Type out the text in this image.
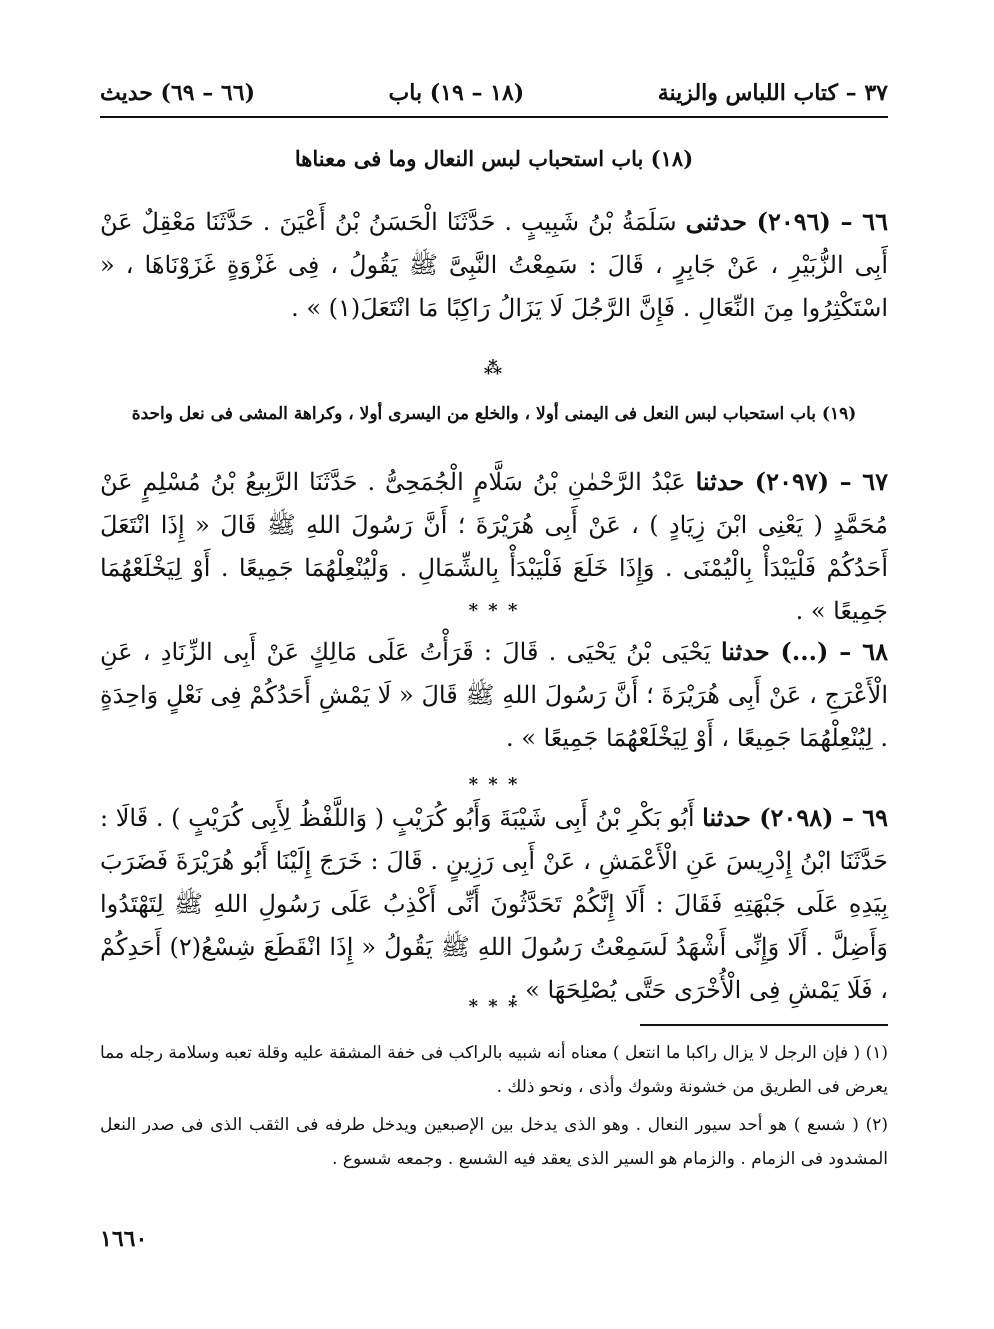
٣٧ – كتاب اللباس والزينة
(١٨ – ١٩) باب
(٦٦ – ٦٩) حديث
(١٨) باب استحباب لبس النعال وما فى معناها
٦٦ – (٢٠٩٦) حدثنى سَلَمَةُ بْنُ شَبِيبٍ . حَدَّثَنَا الْحَسَنُ بْنُ أَعْيَنَ . حَدَّثَنَا مَعْقِلٌ عَنْ أَبِى الزُّبَيْرِ ، عَنْ جَابِرٍ ، قَالَ : سَمِعْتُ النَّبِىَّ ﷺ يَقُولُ ، فِى غَزْوَةٍ غَزَوْنَاهَا ، « اسْتَكْثِرُوا مِنَ النِّعَالِ . فَإِنَّ الرَّجُلَ لَا يَزَالُ رَاكِبًا مَا انْتَعَلَ(١) » .
⁂
(١٩) باب استحباب لبس النعل فى اليمنى أولا ، والخلع من اليسرى أولا ، وكراهة المشى فى نعل واحدة
٦٧ – (٢٠٩٧) حدثنا عَبْدُ الرَّحْمٰنِ بْنُ سَلَّامٍ الْجُمَحِىُّ . حَدَّثَنَا الرَّبِيعُ بْنُ مُسْلِمٍ عَنْ مُحَمَّدٍ ( يَعْنِى ابْنَ زِيَادٍ ) ، عَنْ أَبِى هُرَيْرَةَ ؛ أَنَّ رَسُولَ اللهِ ﷺ قَالَ « إِذَا انْتَعَلَ أَحَدُكُمْ فَلْيَبْدَأْ بِالْيُمْنَى . وَإِذَا خَلَعَ فَلْيَبْدَأْ بِالشِّمَالِ . وَلْيُنْعِلْهُمَا جَمِيعًا . أَوْ لِيَخْلَعْهُمَا جَمِيعًا » .
* * *
٦٨ – (...) حدثنا يَحْيَى بْنُ يَحْيَى . قَالَ : قَرَأْتُ عَلَى مَالِكٍ عَنْ أَبِى الزِّنَادِ ، عَنِ الْأَعْرَجِ ، عَنْ أَبِى هُرَيْرَةَ ؛ أَنَّ رَسُولَ اللهِ ﷺ قَالَ « لَا يَمْشِ أَحَدُكُمْ فِى نَعْلٍ وَاحِدَةٍ . لِيُنْعِلْهُمَا جَمِيعًا ، أَوْ لِيَخْلَعْهُمَا جَمِيعًا » .
* * *
٦٩ – (٢٠٩٨) حدثنا أَبُو بَكْرِ بْنُ أَبِى شَيْبَةَ وَأَبُو كُرَيْبٍ ( وَاللَّفْظُ لِأَبِى كُرَيْبٍ ) . قَالَا : حَدَّثَنَا ابْنُ إِدْرِيسَ عَنِ الْأَعْمَشِ ، عَنْ أَبِى رَزِينٍ . قَالَ : خَرَجَ إِلَيْنَا أَبُو هُرَيْرَةَ فَضَرَبَ بِيَدِهِ عَلَى جَبْهَتِهِ فَقَالَ : أَلَا إِنَّكُمْ تَحَدَّثُونَ أَنِّى أَكْذِبُ عَلَى رَسُولِ اللهِ ﷺ لِتَهْتَدُوا وَأَضِلَّ . أَلَا وَإِنِّى أَشْهَدُ لَسَمِعْتُ رَسُولَ اللهِ ﷺ يَقُولُ « إِذَا انْقَطَعَ شِسْعُ(٢) أَحَدِكُمْ ، فَلَا يَمْشِ فِى الْأُخْرَى حَتَّى يُصْلِحَهَا » .
* * *
(١) ( فإن الرجل لا يزال راكبا ما انتعل ) معناه أنه شبيه بالراكب فى خفة المشقة عليه وقلة تعبه وسلامة رجله مما يعرض فى الطريق من خشونة وشوك وأذى ، ونحو ذلك .
(٢) ( شسع ) هو أحد سيور النعال . وهو الذى يدخل بين الإصبعين ويدخل طرفه فى الثقب الذى فى صدر النعل المشدود فى الزمام . والزمام هو السير الذى يعقد فيه الشسع . وجمعه شسوع .
١٦٦٠
